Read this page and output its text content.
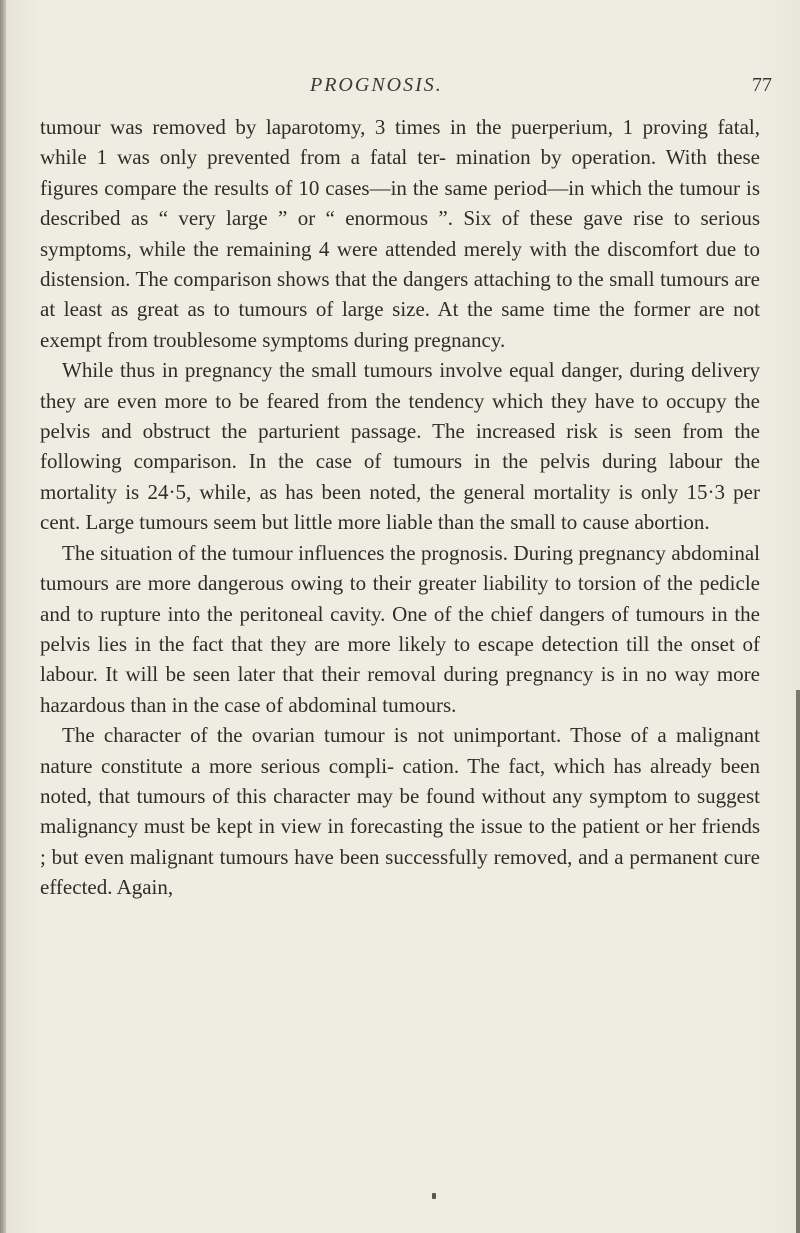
PROGNOSIS.	77

tumour was removed by laparotomy, 3 times in the puerperium, 1 proving fatal, while 1 was only prevented from a fatal ter- mination by operation. With these figures compare the results of 10 cases—in the same period—in which the tumour is described as “ very large ” or “ enormous ”. Six of these gave rise to serious symptoms, while the remaining 4 were attended merely with the discomfort due to distension. The comparison shows that the dangers attaching to the small tumours are at least as great as to tumours of large size. At the same time the former are not exempt from troublesome symptoms during pregnancy.

While thus in pregnancy the small tumours involve equal danger, during delivery they are even more to be feared from the tendency which they have to occupy the pelvis and obstruct the parturient passage. The increased risk is seen from the following comparison. In the case of tumours in the pelvis during labour the mortality is 24·5, while, as has been noted, the general mortality is only 15·3 per cent. Large tumours seem but little more liable than the small to cause abortion.

The situation of the tumour influences the prognosis. During pregnancy abdominal tumours are more dangerous owing to their greater liability to torsion of the pedicle and to rupture into the peritoneal cavity. One of the chief dangers of tumours in the pelvis lies in the fact that they are more likely to escape detection till the onset of labour. It will be seen later that their removal during pregnancy is in no way more hazardous than in the case of abdominal tumours.

The character of the ovarian tumour is not unimportant. Those of a malignant nature constitute a more serious compli- cation. The fact, which has already been noted, that tumours of this character may be found without any symptom to suggest malignancy must be kept in view in forecasting the issue to the patient or her friends ; but even malignant tumours have been successfully removed, and a permanent cure effected. Again,
